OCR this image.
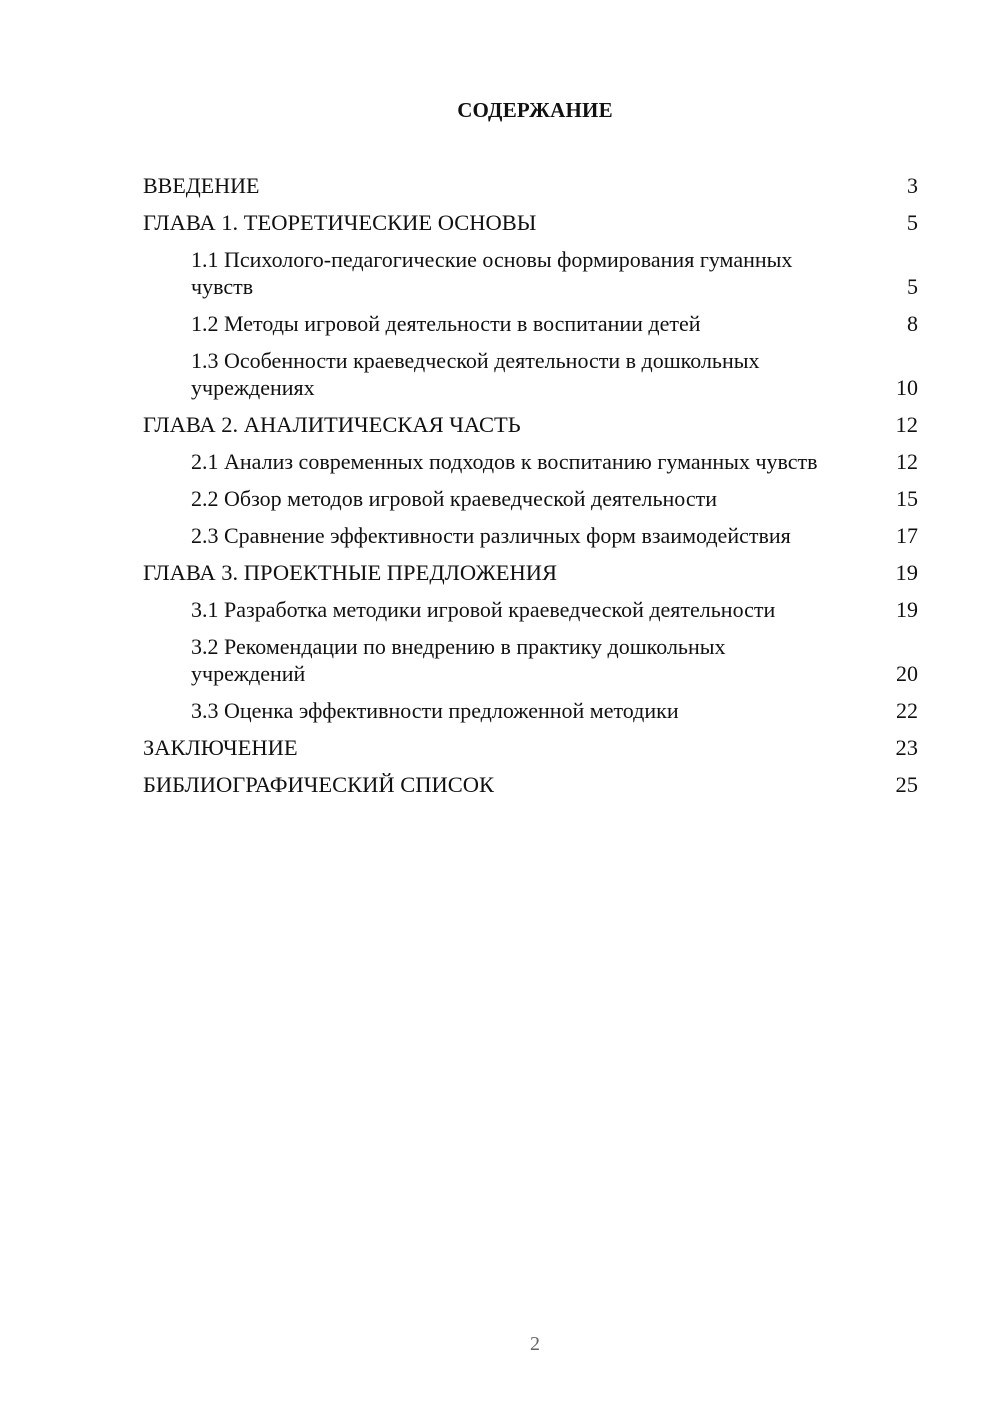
СОДЕРЖАНИЕ
ВВЕДЕНИЕ	3
ГЛАВА 1. ТЕОРЕТИЧЕСКИЕ ОСНОВЫ	5
1.1 Психолого-педагогические основы формирования гуманных чувств	5
1.2 Методы игровой деятельности в воспитании детей	8
1.3 Особенности краеведческой деятельности в дошкольных учреждениях	10
ГЛАВА 2. АНАЛИТИЧЕСКАЯ ЧАСТЬ	12
2.1 Анализ современных подходов к воспитанию гуманных чувств	12
2.2 Обзор методов игровой краеведческой деятельности	15
2.3 Сравнение эффективности различных форм взаимодействия	17
ГЛАВА 3. ПРОЕКТНЫЕ ПРЕДЛОЖЕНИЯ	19
3.1 Разработка методики игровой краеведческой деятельности	19
3.2 Рекомендации по внедрению в практику дошкольных учреждений	20
3.3 Оценка эффективности предложенной методики	22
ЗАКЛЮЧЕНИЕ	23
БИБЛИОГРАФИЧЕСКИЙ СПИСОК	25
2
